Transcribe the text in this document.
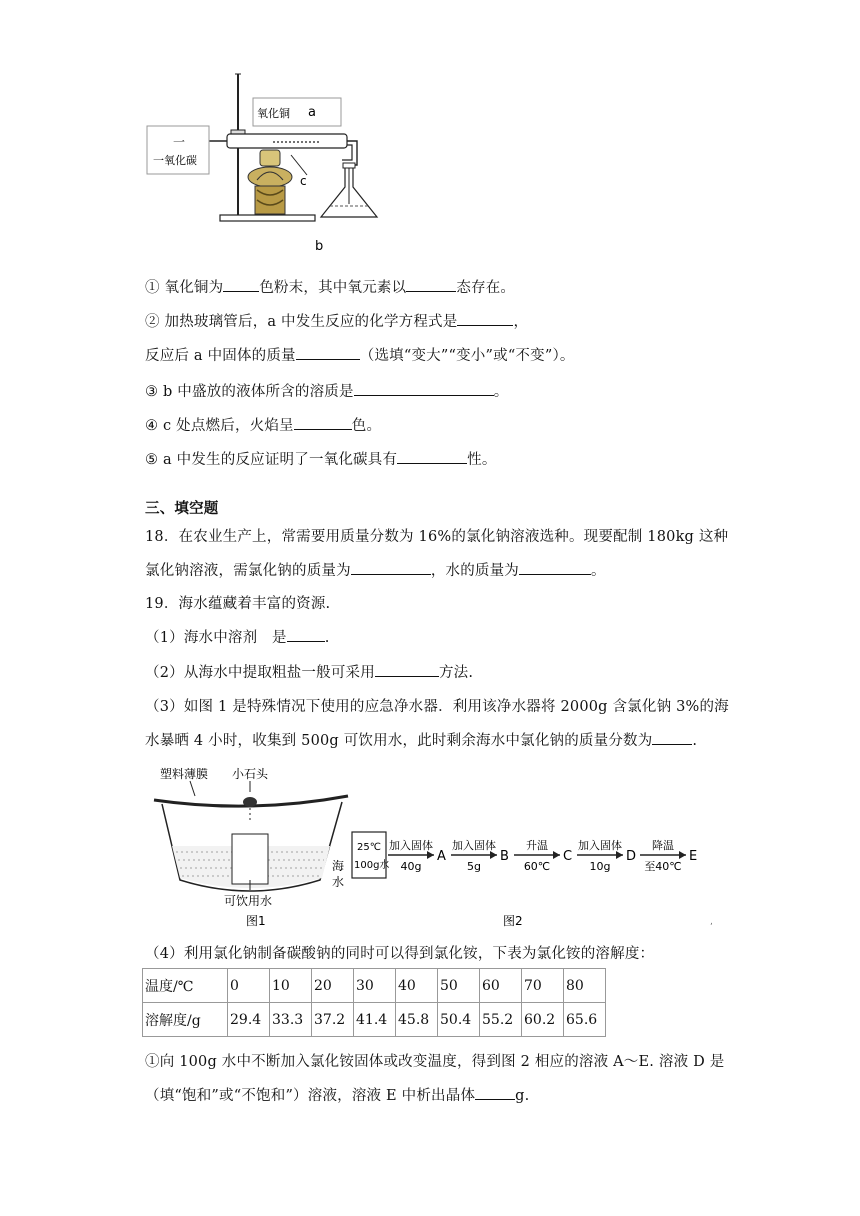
氧化铜 a
一
一氧化碳
c
b
① 氧化铜为 色粉末，其中氧元素以	态存在。
② 加热玻璃管后，a 中发生反应的化学方程式是	，
反应后 a 中固体的质量	（选填“变大”“变小”或“不变”）。
③ b 中盛放的液体所含的溶质是	。
④ c 处点燃后，火焰呈	色。
⑤ a 中发生的反应证明了一氧化碳具有	性。
三、填空题
18．在农业生产上，常需要用质量分数为 16%的氯化钠溶液选种。现要配制 180kg 这种
氯化钠溶液，需氯化钠的质量为	，水的质量为	。
19．海水蕴藏着丰富的资源.
（1）海水中溶剂　是	.
（2）从海水中提取粗盐一般可采用	方法.
（3）如图 1 是特殊情况下使用的应急净水器．利用该净水器将 2000g 含氯化钠 3%的海
水暴晒 4 小时，收集到 500g 可饮用水，此时剩余海水中氯化钠的质量分数为	.
塑料薄膜 小石头
可饮用水
海
水
图1
25℃
100g水
加入固体
40g
A
加入固体
5g
B
升温
60℃
C
加入固体
10g
D
降温
至40℃
E
图2	,
（4）利用氯化钠制备碳酸钠的同时可以得到氯化铵，下表为氯化铵的溶解度：
温度/℃	0	10	20	30	40	50	60	70	80
溶解度/g	29.4	33.3	37.2	41.4	45.8	50.4	55.2	60.2	65.6
①向 100g 水中不断加入氯化铵固体或改变温度，得到图 2 相应的溶液 A～E. 溶液 D 是
（填“饱和”或“不饱和”）溶液，溶液 E 中析出晶体	g.
